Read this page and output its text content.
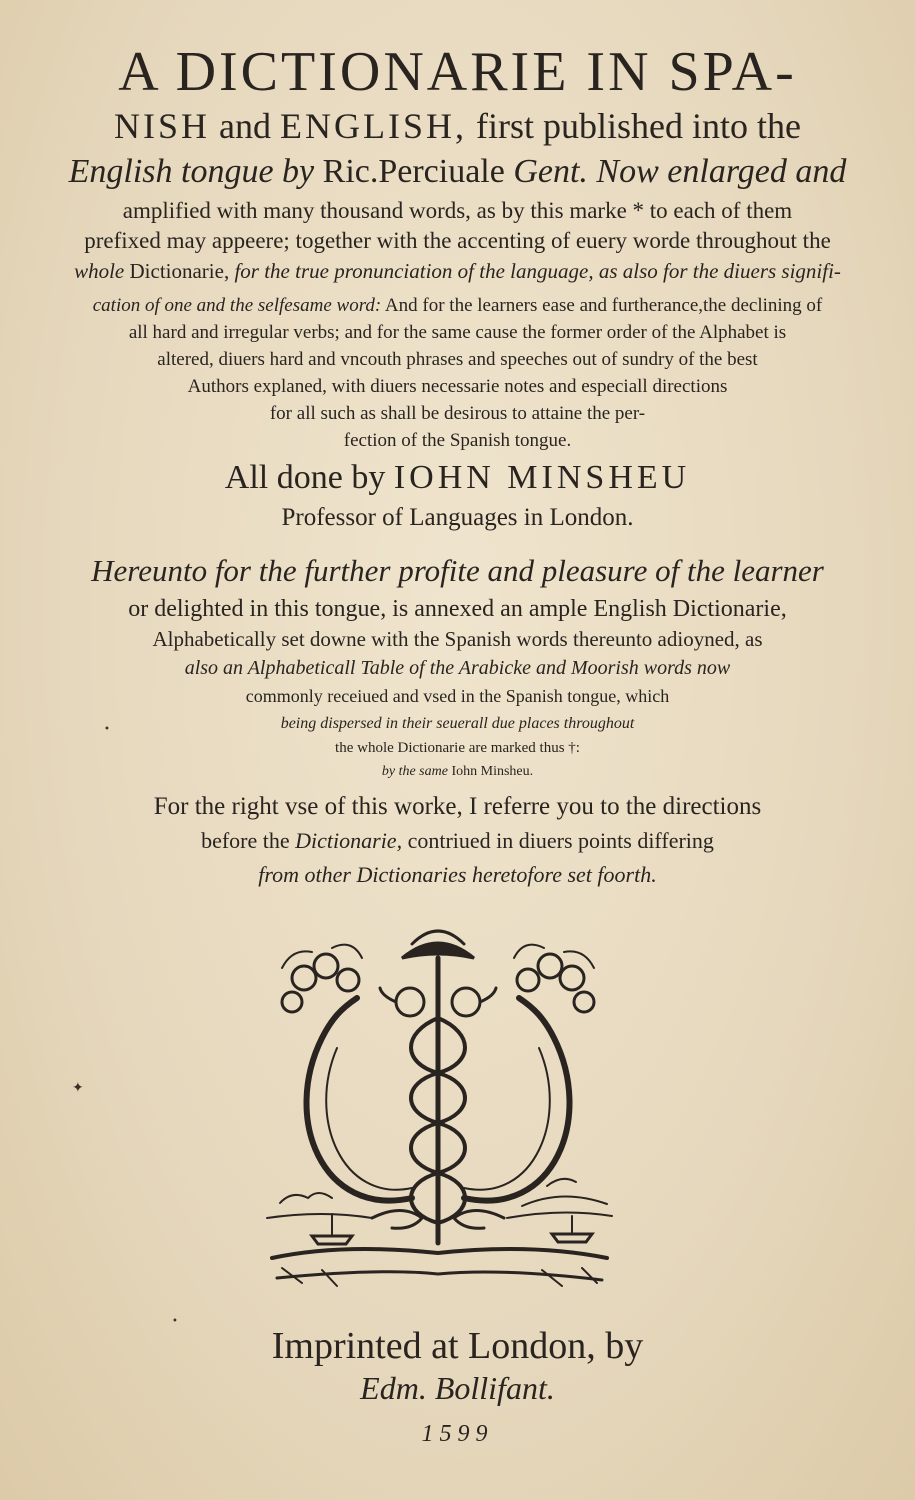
A DICTIONARIE IN SPA-
NISH and ENGLISH, first published into the
English tongue by Ric.Perciuale Gent. Now enlarged and
amplified with many thousand words, as by this marke * to each of them
prefixed may appeere; together with the accenting of euery worde throughout the
whole Dictionarie, for the true pronunciation of the language, as also for the diuers signifi-
cation of one and the selfesame word: And for the learners ease and furtherance,the declining of
all hard and irregular verbs; and for the same cause the former order of the Alphabet is
altered, diuers hard and vncouth phrases and speeches out of sundry of the best
Authors explaned, with diuers necessarie notes and especiall directions
for all such as shall be desirous to attaine the per-
fection of the Spanish tongue.
All done by IOHN MINSHEU
Professor of Languages in London.
Hereunto for the further profite and pleasure of the learner
or delighted in this tongue, is annexed an ample English Dictionarie,
Alphabetically set downe with the Spanish words thereunto adioyned, as
also an Alphabeticall Table of the Arabicke and Moorish words now
commonly receiued and vsed in the Spanish tongue, which
being dispersed in their seuerall due places throughout
the whole Dictionarie are marked thus †:
by the same Iohn Minsheu.
For the right vse of this worke, I referre you to the directions
before the Dictionarie, contriued in diuers points differing
from other Dictionaries heretofore set foorth.
Imprinted at London, by
Edm. Bollifant.
1599
✦
•
•
